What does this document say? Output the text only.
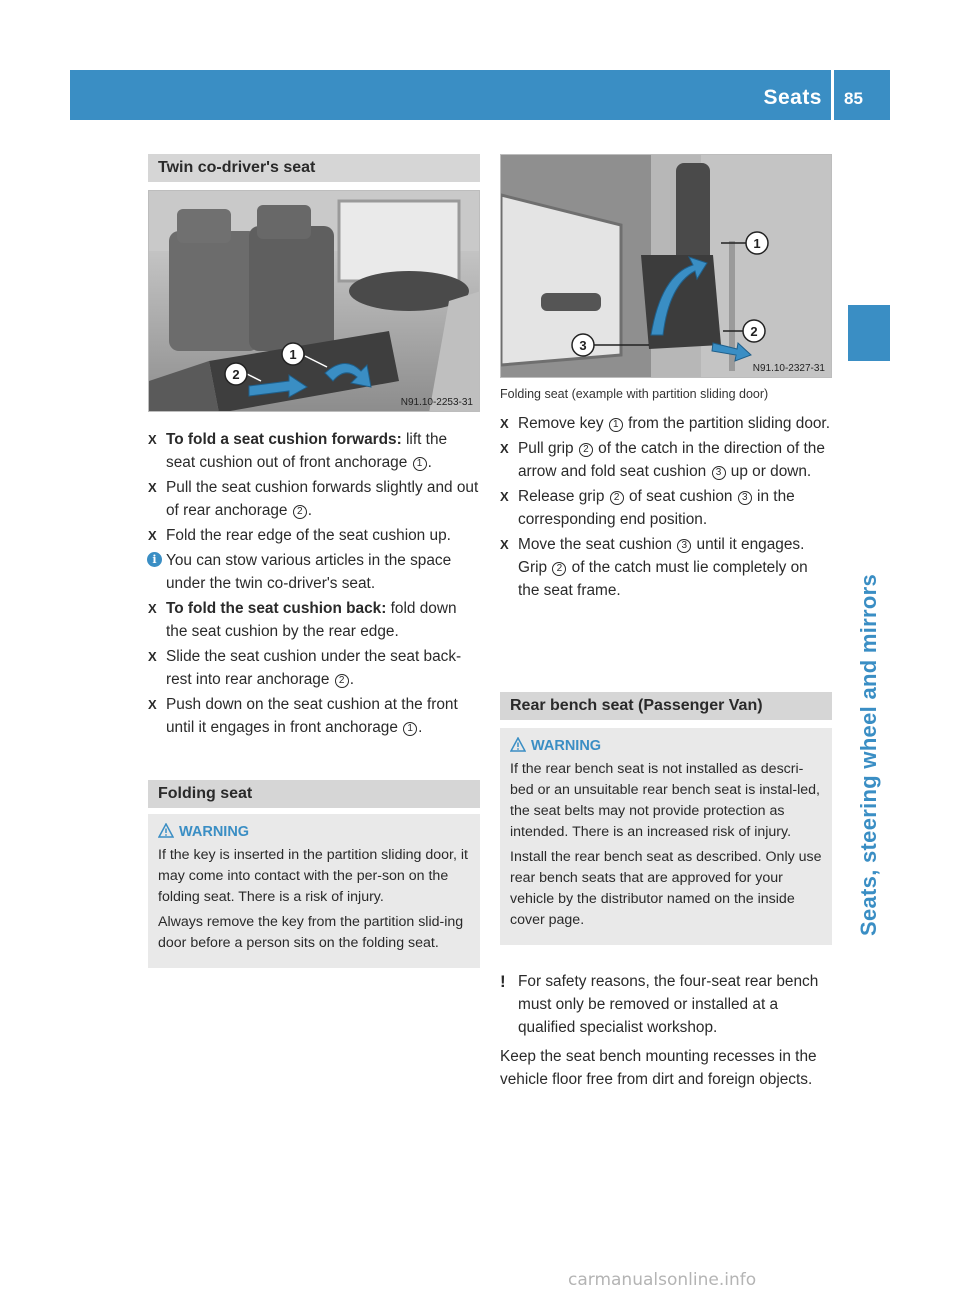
Seats 85
Seats, steering wheel and mirrors
Twin co-driver's seat
1
2
N91.10-2253-31
X To fold a seat cushion forwards: lift the seat cushion out of front anchorage 1 .
X Pull the seat cushion forwards slightly and out of rear anchorage 2 .
X Fold the rear edge of the seat cushion up.
i You can stow various articles in the space under the twin co-driver's seat.
X To fold the seat cushion back: fold down the seat cushion by the rear edge.
X Slide the seat cushion under the seat back-rest into rear anchorage 2 .
X Push down on the seat cushion at the front until it engages in front anchorage 1 .
Folding seat
WARNING
If the key is inserted in the partition sliding door, it may come into contact with the per-son on the folding seat. There is a risk of injury.
Always remove the key from the partition slid-ing door before a person sits on the folding seat.
1
2
3
N91.10-2327-31
Folding seat (example with partition sliding door)
X Remove key 1 from the partition sliding door.
X Pull grip 2 of the catch in the direction of the arrow and fold seat cushion 3 up or down.
X Release grip 2 of seat cushion 3 in the corresponding end position.
X Move the seat cushion 3 until it engages. Grip 2 of the catch must lie completely on the seat frame.
Rear bench seat (Passenger Van)
WARNING
If the rear bench seat is not installed as descri-bed or an unsuitable rear bench seat is instal-led, the seat belts may not provide protection as intended. There is an increased risk of injury.
Install the rear bench seat as described. Only use rear bench seats that are approved for your vehicle by the distributor named on the inside cover page.
! For safety reasons, the four-seat rear bench must only be removed or installed at a qualified specialist workshop.
Keep the seat bench mounting recesses in the vehicle floor free from dirt and foreign objects.
carmanualsonline.info
